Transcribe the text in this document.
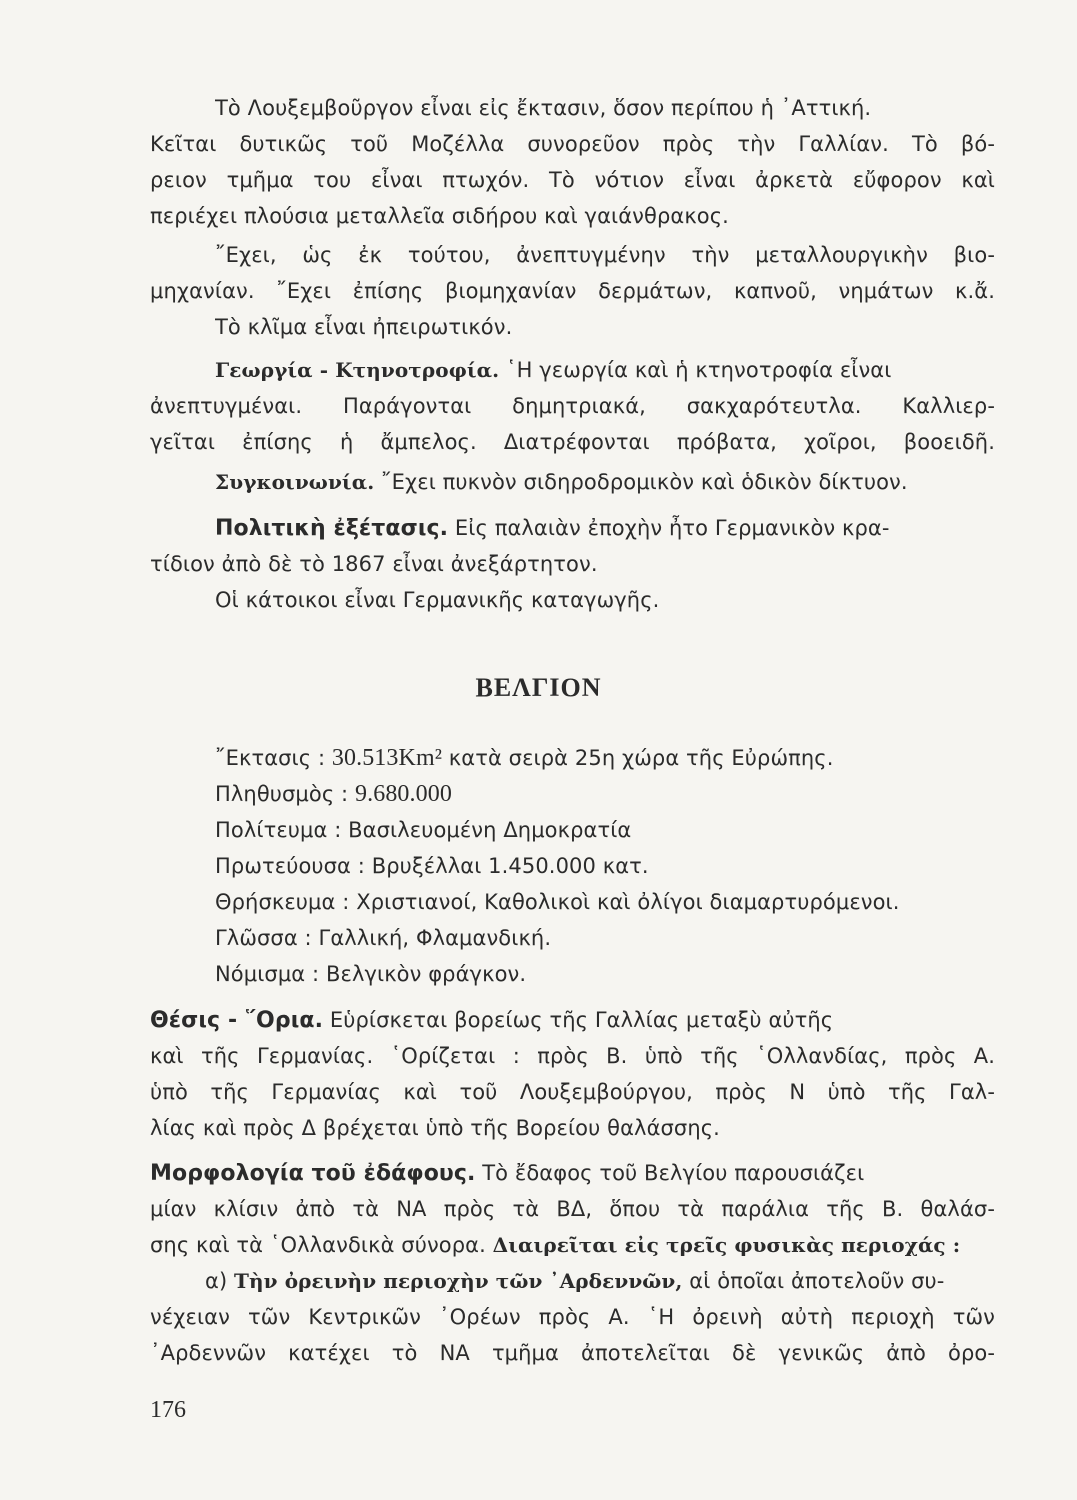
Τὸ Λουξεμβοῦργον εἶναι εἰς ἔκτασιν, ὅσον περίπου ἡ ᾿Αττική.
Κεῖται δυτικῶς τοῦ Μοζέλλα συνορεῦον πρὸς τὴν Γαλλίαν. Τὸ βό-
ρειον τμῆμα του εἶναι πτωχόν. Τὸ νότιον εἶναι ἀρκετὰ εὔφορον καὶ
περιέχει πλούσια μεταλλεῖα σιδήρου καὶ γαιάνθρακος.
῎Εχει, ὡς ἐκ τούτου, ἀνεπτυγμένην τὴν μεταλλουργικὴν βιο-
μηχανίαν. ῎Εχει ἐπίσης βιομηχανίαν δερμάτων, καπνοῦ, νημάτων κ.ἄ.
Τὸ κλῖμα εἶναι ἠπειρωτικόν.
Γεωργία - Κτηνοτροφία. ῾Η γεωργία καὶ ἡ κτηνοτροφία εἶναι
ἀνεπτυγμέναι. Παράγονται δημητριακά, σακχαρότευτλα. Καλλιερ-
γεῖται ἐπίσης ἡ ἄμπελος. Διατρέφονται πρόβατα, χοῖροι, βοοειδῆ.
Συγκοινωνία. ῎Εχει πυκνὸν σιδηροδρομικὸν καὶ ὁδικὸν δίκτυον.
Πολιτικὴ ἐξέτασις. Εἰς παλαιὰν ἐποχὴν ἦτο Γερμανικὸν κρα-
τίδιον ἀπὸ δὲ τὸ 1867 εἶναι ἀνεξάρτητον.
Οἱ κάτοικοι εἶναι Γερμανικῆς καταγωγῆς.
ΒΕΛΓΙΟΝ
῎Εκτασις : 30.513Km² κατὰ σειρὰ 25η χώρα τῆς Εὐρώπης.
Πληθυσμὸς : 9.680.000
Πολίτευμα : Βασιλευομένη Δημοκρατία
Πρωτεύουσα : Βρυξέλλαι 1.450.000 κατ.
Θρήσκευμα : Χριστιανοί, Καθολικοὶ καὶ ὀλίγοι διαμαρτυρόμενοι.
Γλῶσσα : Γαλλική, Φλαμανδική.
Νόμισμα : Βελγικὸν φράγκον.
Θέσις - ῞Ορια. Εὑρίσκεται βορείως τῆς Γαλλίας μεταξὺ αὐτῆς
καὶ τῆς Γερμανίας. ῾Ορίζεται : πρὸς Β. ὑπὸ τῆς ῾Ολλανδίας, πρὸς Α.
ὑπὸ τῆς Γερμανίας καὶ τοῦ Λουξεμβούργου, πρὸς Ν ὑπὸ τῆς Γαλ-
λίας καὶ πρὸς Δ βρέχεται ὑπὸ τῆς Βορείου θαλάσσης.
Μορφολογία τοῦ ἐδάφους. Τὸ ἔδαφος τοῦ Βελγίου παρουσιάζει
μίαν κλίσιν ἀπὸ τὰ ΝΑ πρὸς τὰ ΒΔ, ὅπου τὰ παράλια τῆς Β. θαλάσ-
σης καὶ τὰ ῾Ολλανδικὰ σύνορα. Διαιρεῖται εἰς τρεῖς φυσικὰς περιοχάς :
α) Τὴν ὀρεινὴν περιοχὴν τῶν ᾿Αρδεννῶν, αἱ ὁποῖαι ἀποτελοῦν συ-
νέχειαν τῶν Κεντρικῶν ᾿Ορέων πρὸς Α. ῾Η ὀρεινὴ αὐτὴ περιοχὴ τῶν
᾿Αρδεννῶν κατέχει τὸ ΝΑ τμῆμα ἀποτελεῖται δὲ γενικῶς ἀπὸ ὀρο-
176
